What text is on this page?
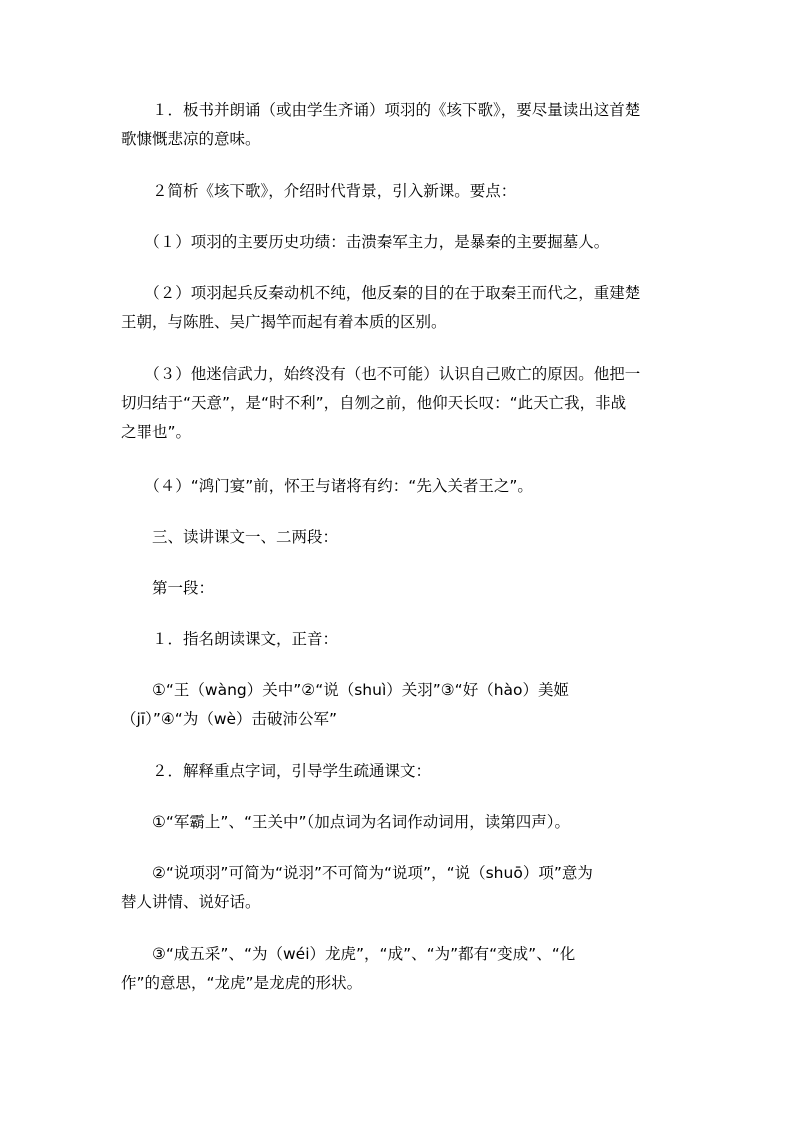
　　１．板书并朗诵（或由学生齐诵）项羽的《垓下歌》，要尽量读出这首楚
歌慷慨悲凉的意味。

　　２简析《垓下歌》，介绍时代背景，引入新课。要点：

　　（１）项羽的主要历史功绩：击溃秦军主力，是暴秦的主要掘墓人。

　　（２）项羽起兵反秦动机不纯，他反秦的目的在于取秦王而代之，重建楚
王朝，与陈胜、吴广揭竿而起有着本质的区别。

　　（３）他迷信武力，始终没有（也不可能）认识自己败亡的原因。他把一
切归结于“天意”，是“时不利”，自刎之前，他仰天长叹：“此天亡我，非战
之罪也”。

　　（４）“鸿门宴”前，怀王与诸将有约：“先入关者王之”。

　　三、读讲课文一、二两段：

　　第一段：

　　１．指名朗读课文，正音：

　　①“王（wàng）关中”②“说（shuì）关羽”③“好（hào）美姬
（jī）”④“为（wè）击破沛公军”

　　２．解释重点字词，引导学生疏通课文：

　　①“军霸上”、“王关中”（加点词为名词作动词用，读第四声）。

　　②“说项羽”可简为“说羽”不可简为“说项”，“说（shuō）项”意为
替人讲情、说好话。

　　③“成五采”、“为（wéi）龙虎”，“成”、“为”都有“变成”、“化
作”的意思，“龙虎”是龙虎的形状。
